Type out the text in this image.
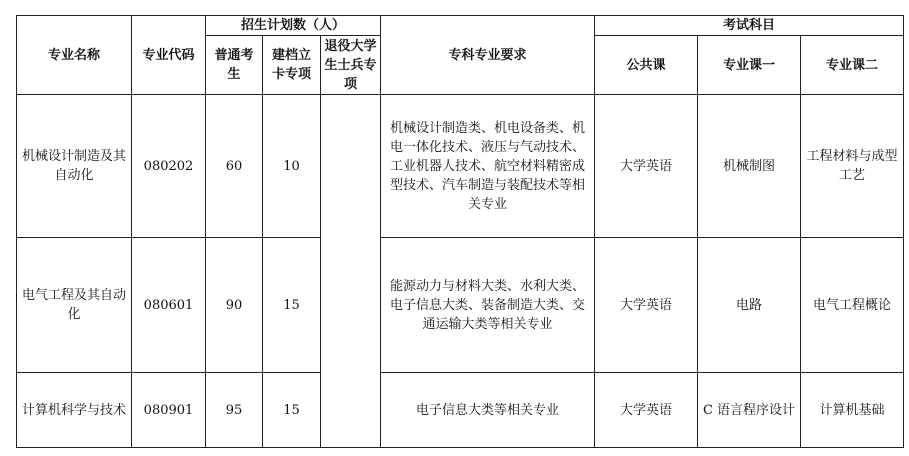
专业名称	专业代码	招生计划数（人）			专科专业要求	考试科目		
		普通考生	建档立卡专项	退役大学生士兵专项		公共课	专业课一	专业课二
机械设计制造及其自动化	080202	60	10		机械设计制造类、机电设备类、机电一体化技术、液压与气动技术、工业机器人技术、航空材料精密成型技术、汽车制造与装配技术等相关专业	大学英语	机械制图	工程材料与成型工艺
电气工程及其自动化	080601	90	15		能源动力与材料大类、水利大类、电子信息大类、装备制造大类、交通运输大类等相关专业	大学英语	电路	电气工程概论
计算机科学与技术	080901	95	15		电子信息大类等相关专业	大学英语	C 语言程序设计	计算机基础
